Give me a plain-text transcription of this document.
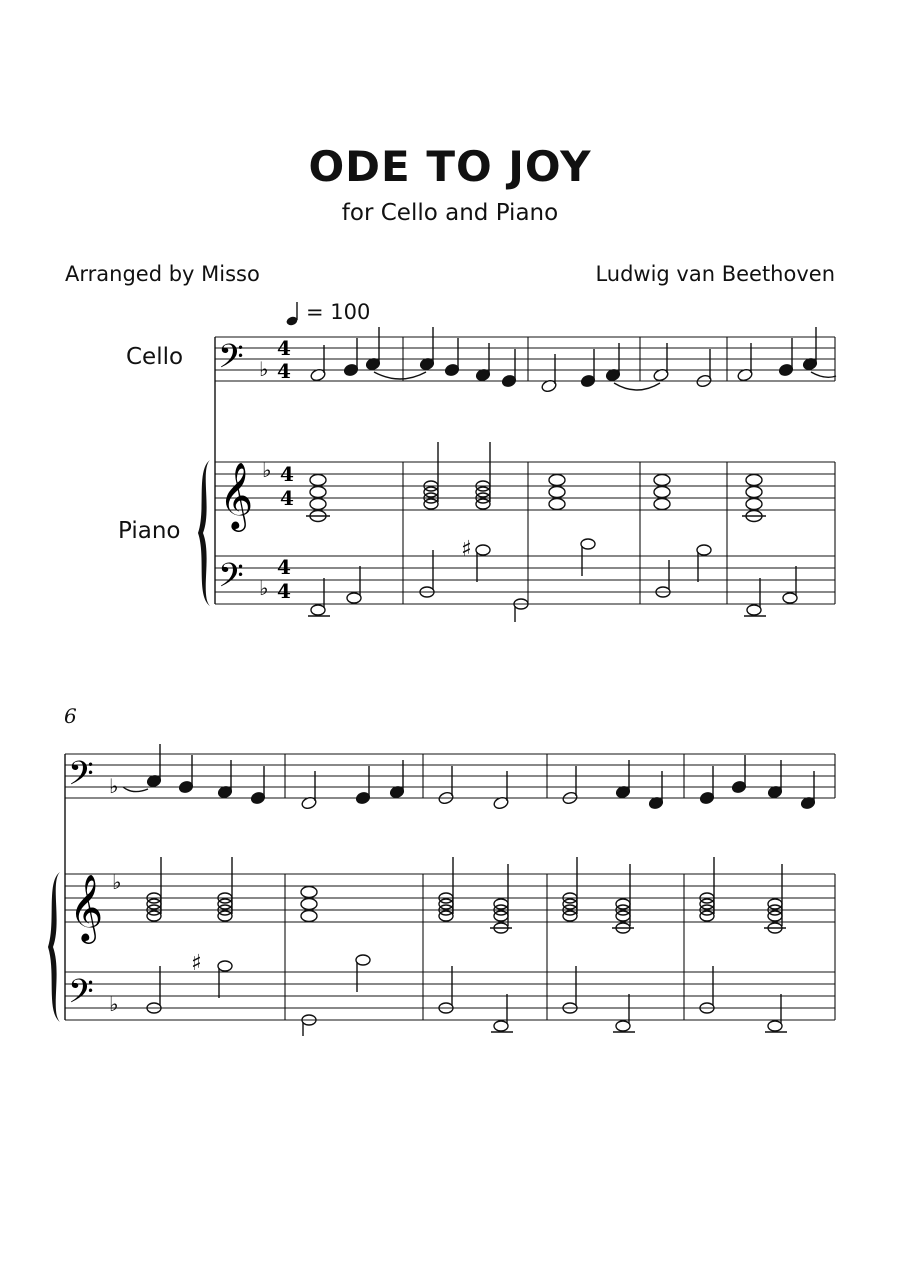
ODE TO JOY
for Cello and Piano
Arranged by Misso	Ludwig van Beethoven
= 100
Cello
Piano
6
𝄢
𝄞
𝄢
♭
♭
♭
4
4
4
4
4
4
♯
𝄢
𝄞
𝄢
♭
♭
♭
♯
